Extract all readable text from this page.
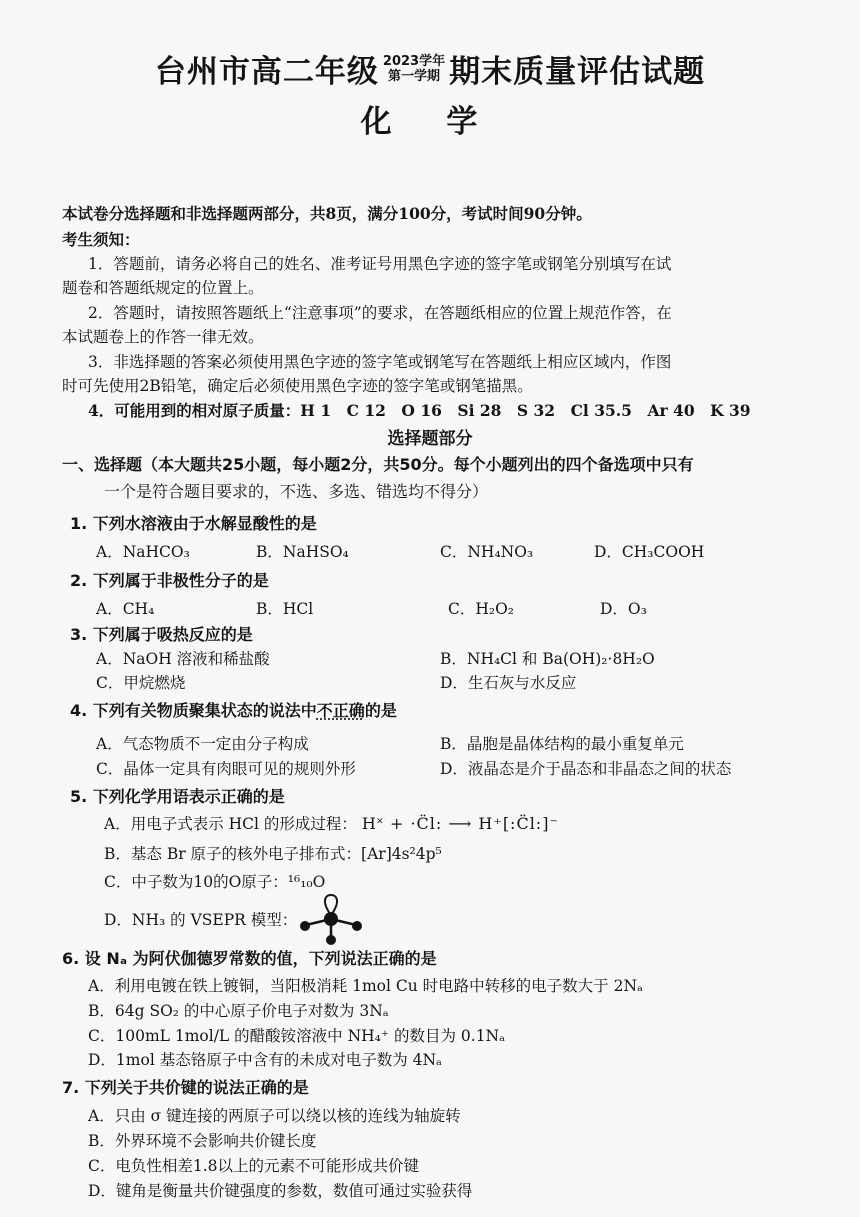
台州市高二年级 2023学年
第一学期 期末质量评估试题
化 学
本试卷分选择题和非选择题两部分，共8页，满分100分，考试时间90分钟。
考生须知：
1．答题前，请务必将自己的姓名、准考证号用黑色字迹的签字笔或钢笔分别填写在试
题卷和答题纸规定的位置上。
2．答题时，请按照答题纸上“注意事项”的要求，在答题纸相应的位置上规范作答，在
本试题卷上的作答一律无效。
3．非选择题的答案必须使用黑色字迹的签字笔或钢笔写在答题纸上相应区域内，作图
时可先使用2B铅笔，确定后必须使用黑色字迹的签字笔或钢笔描黑。
4．可能用到的相对原子质量：H 1　C 12　O 16　Si 28　S 32　Cl 35.5　Ar 40　K 39
选择题部分
一、选择题（本大题共25小题，每小题2分，共50分。每个小题列出的四个备选项中只有
一个是符合题目要求的，不选、多选、错选均不得分）
1. 下列水溶液由于水解显酸性的是
A．NaHCO₃	B．NaHSO₄	C．NH₄NO₃	D．CH₃COOH
2. 下列属于非极性分子的是
A．CH₄	B．HCl	C．H₂O₂	D．O₃
3. 下列属于吸热反应的是
A．NaOH 溶液和稀盐酸	B．NH₄Cl 和 Ba(OH)₂·8H₂O
C．甲烷燃烧	D．生石灰与水反应
4. 下列有关物质聚集状态的说法中不正确的是
A．气态物质不一定由分子构成	B．晶胞是晶体结构的最小重复单元
C．晶体一定具有肉眼可见的规则外形	D．液晶态是介于晶态和非晶态之间的状态
5. 下列化学用语表示正确的是
A．用电子式表示 HCl 的形成过程： H˟ + ·C̈l: ⟶ H⁺[:C̈l:]⁻
B．基态 Br 原子的核外电子排布式：[Ar]4s²4p⁵
C．中子数为10的O原子：¹⁶₁₀O
D．NH₃ 的 VSEPR 模型：
6. 设 Nₐ 为阿伏伽德罗常数的值，下列说法正确的是
A．利用电镀在铁上镀铜，当阳极消耗 1mol Cu 时电路中转移的电子数大于 2Nₐ
B．64g SO₂ 的中心原子价电子对数为 3Nₐ
C．100mL 1mol/L 的醋酸铵溶液中 NH₄⁺ 的数目为 0.1Nₐ
D．1mol 基态铬原子中含有的未成对电子数为 4Nₐ
7. 下列关于共价键的说法正确的是
A．只由 σ 键连接的两原子可以绕以核的连线为轴旋转
B．外界环境不会影响共价键长度
C．电负性相差1.8以上的元素不可能形成共价键
D．键角是衡量共价键强度的参数，数值可通过实验获得
